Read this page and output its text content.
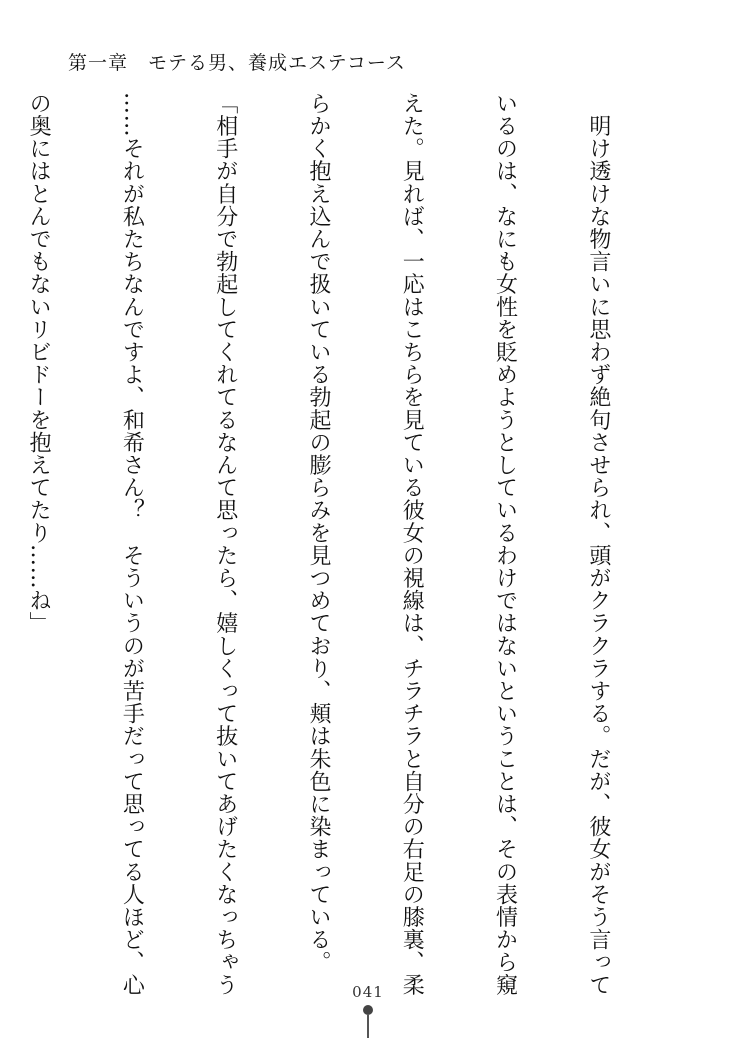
第一章　モテる男、養成エステコース

　明け透けな物言いに思わず絶句させられ、頭がクラクラする。だが、彼女がそう言って

いるのは、なにも女性を貶めようとしているわけではないということは、その表情から窺

えた。見れば、一応はこちらを見ている彼女の視線は、チラチラと自分の右足の膝裏、柔

らかく抱え込んで扱いている勃起の膨らみを見つめており、頬は朱色に染まっている。

「相手が自分で勃起してくれてるなんて思ったら、嬉しくって抜いてあげたくなっちゃう

……それが私たちなんですよ、和希さん？　そういうのが苦手だって思ってる人ほど、心

の奥にはとんでもないリビドーを抱えてたり……ね」

041
